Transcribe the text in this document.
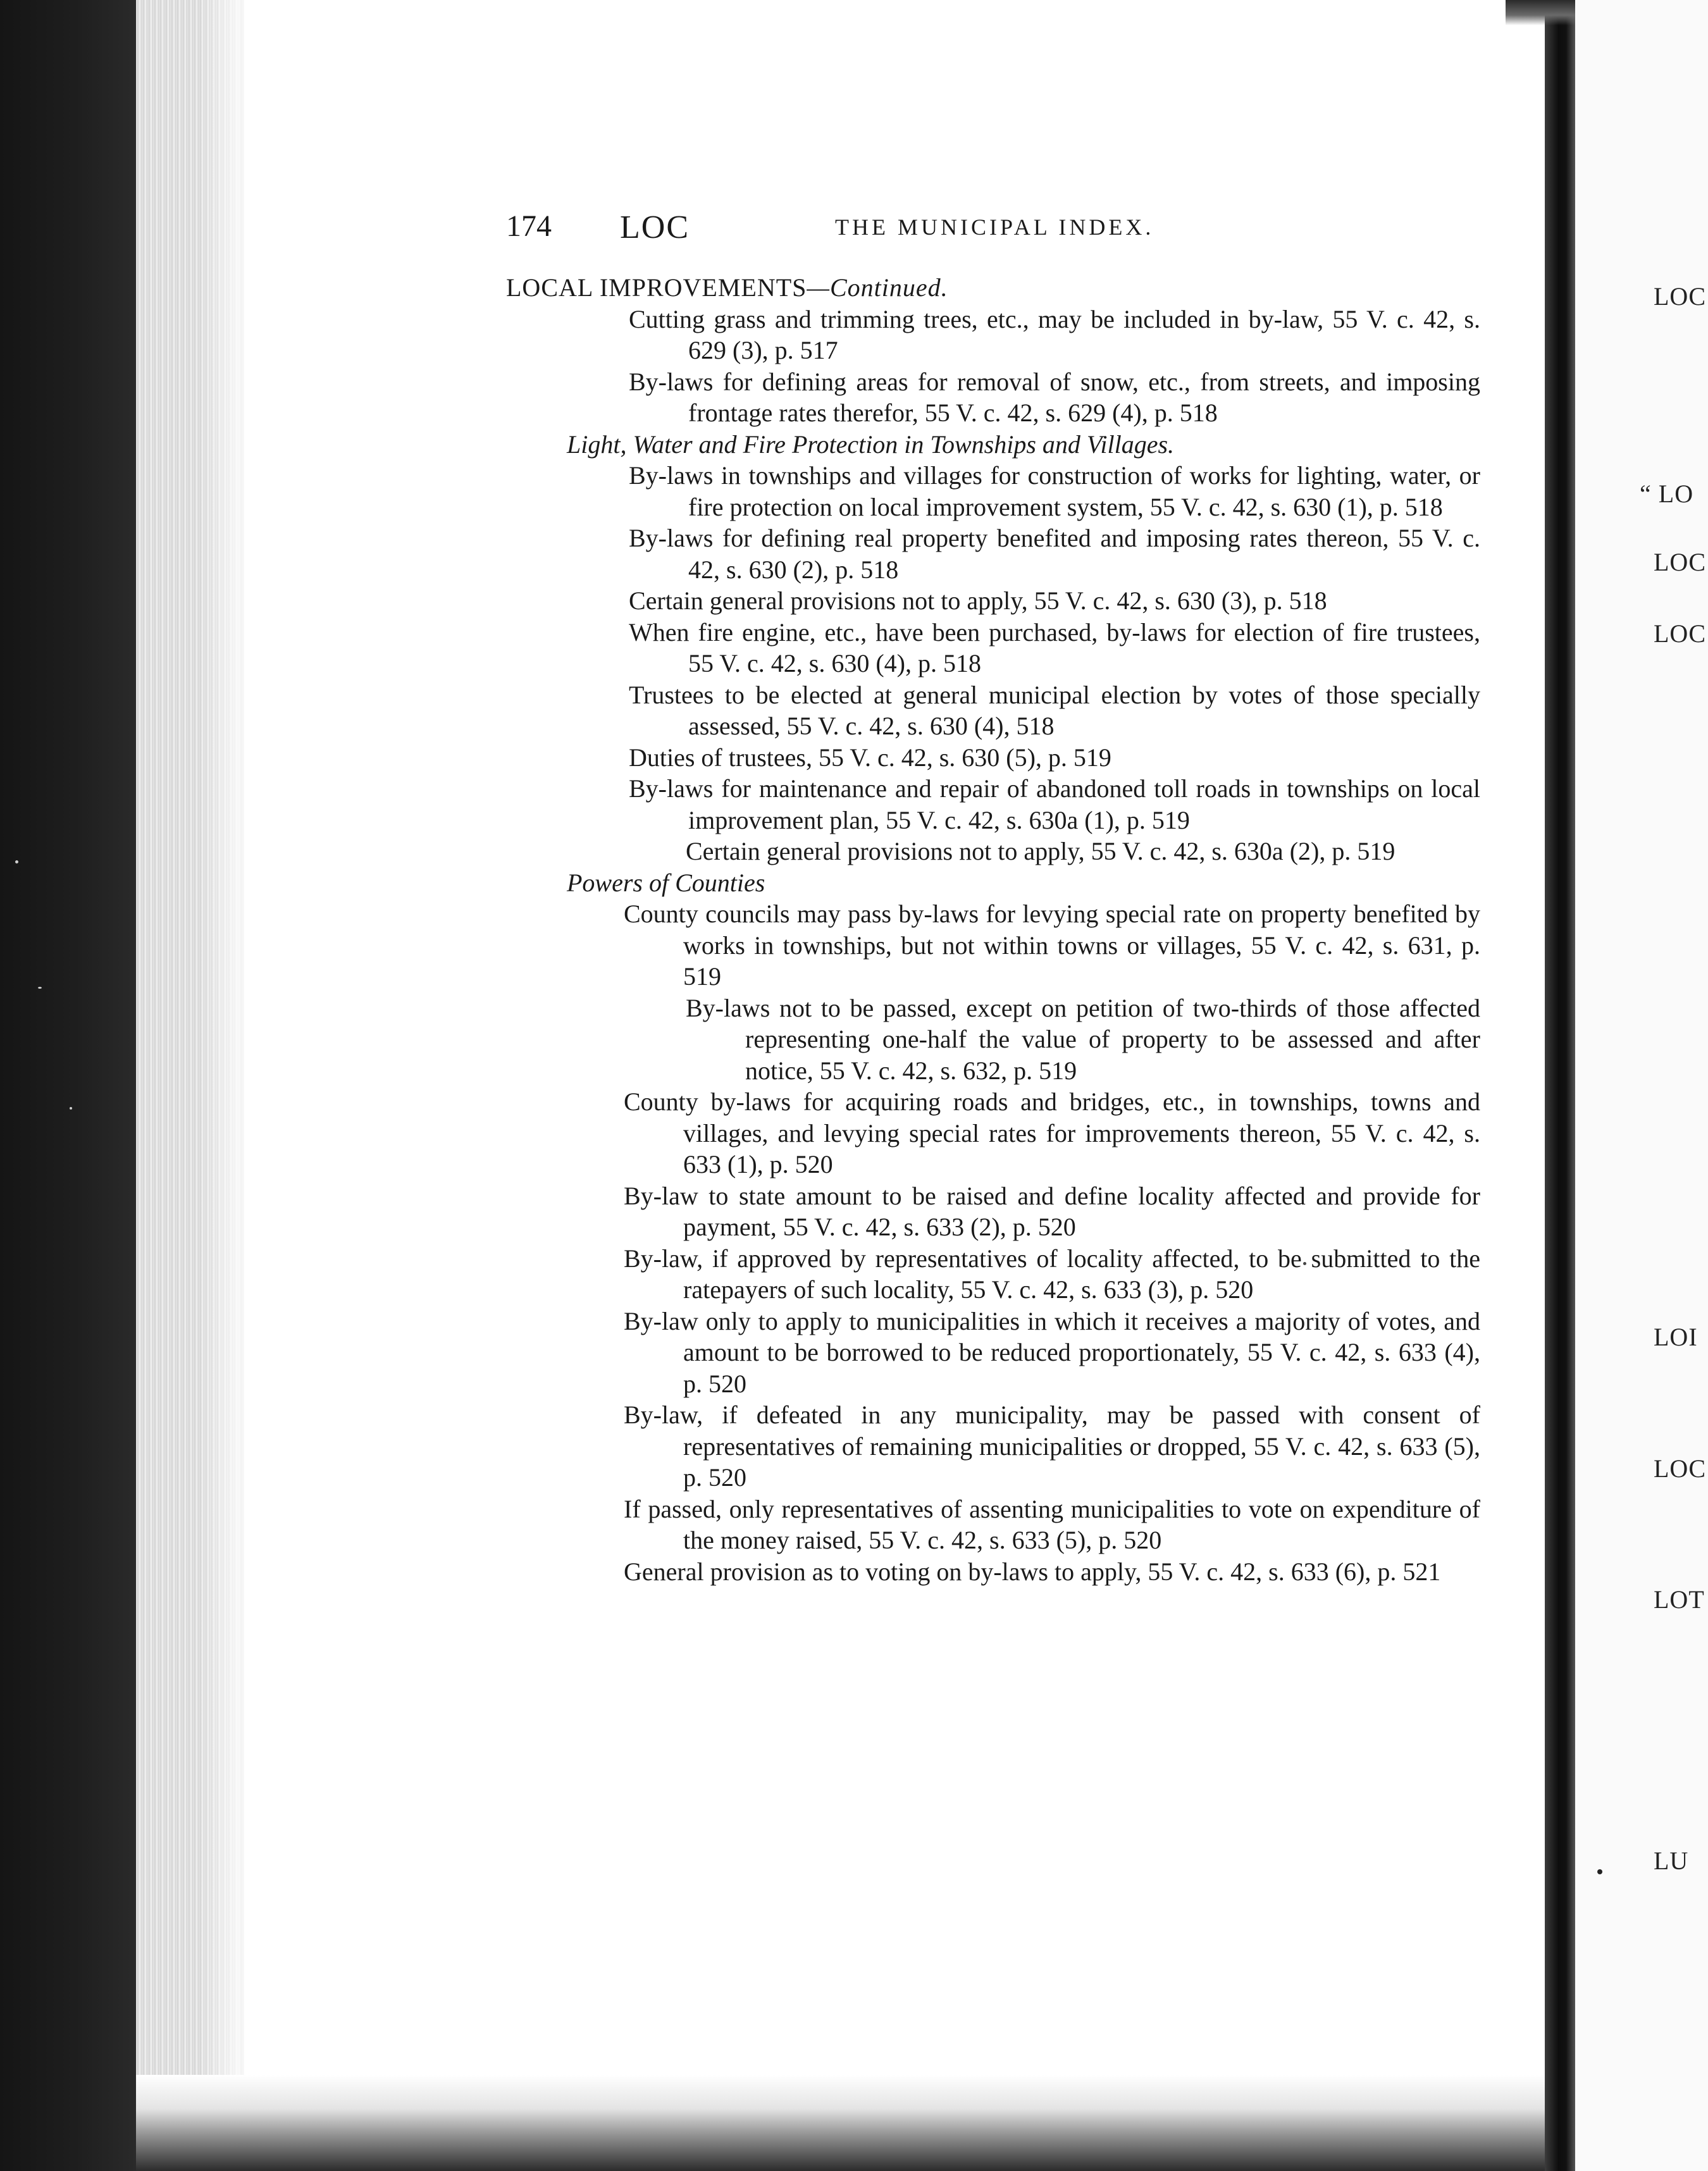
174 LOC	THE MUNICIPAL INDEX.
LOCAL IMPROVEMENTS—Continued.
Cutting grass and trimming trees, etc., may be included in by-law, 55 V. c. 42, s. 629 (3), p. 517
By-laws for defining areas for removal of snow, etc., from streets, and imposing frontage rates therefor, 55 V. c. 42, s. 629 (4), p. 518
Light, Water and Fire Protection in Townships and Villages.
By-laws in townships and villages for construction of works for lighting, water, or fire protection on local improvement system, 55 V. c. 42, s. 630 (1), p. 518
By-laws for defining real property benefited and imposing rates thereon, 55 V. c. 42, s. 630 (2), p. 518
Certain general provisions not to apply, 55 V. c. 42, s. 630 (3), p. 518
When fire engine, etc., have been purchased, by-laws for election of fire trustees, 55 V. c. 42, s. 630 (4), p. 518
Trustees to be elected at general municipal election by votes of those specially assessed, 55 V. c. 42, s. 630 (4), 518
Duties of trustees, 55 V. c. 42, s. 630 (5), p. 519
By-laws for maintenance and repair of abandoned toll roads in townships on local improvement plan, 55 V. c. 42, s. 630a (1), p. 519
Certain general provisions not to apply, 55 V. c. 42, s. 630a (2), p. 519
Powers of Counties
County councils may pass by-laws for levying special rate on property benefited by works in townships, but not within towns or villages, 55 V. c. 42, s. 631, p. 519
By-laws not to be passed, except on petition of two-thirds of those affected representing one-half the value of property to be assessed and after notice, 55 V. c. 42, s. 632, p. 519
County by-laws for acquiring roads and bridges, etc., in townships, towns and villages, and levying special rates for improvements thereon, 55 V. c. 42, s. 633 (1), p. 520
By-law to state amount to be raised and define locality affected and provide for payment, 55 V. c. 42, s. 633 (2), p. 520
By-law, if approved by representatives of locality affected, to be submitted to the ratepayers of such locality, 55 V. c. 42, s. 633 (3), p. 520
By-law only to apply to municipalities in which it receives a majority of votes, and amount to be borrowed to be reduced proportionately, 55 V. c. 42, s. 633 (4), p. 520
By-law, if defeated in any municipality, may be passed with consent of representatives of remaining municipalities or dropped, 55 V. c. 42, s. 633 (5), p. 520
If passed, only representatives of assenting municipalities to vote on expenditure of the money raised, 55 V. c. 42, s. 633 (5), p. 520
General provision as to voting on by-laws to apply, 55 V. c. 42, s. 633 (6), p. 521
LOC
“ LO
LOC
LOC
LOI
LOC
LOT
LU
